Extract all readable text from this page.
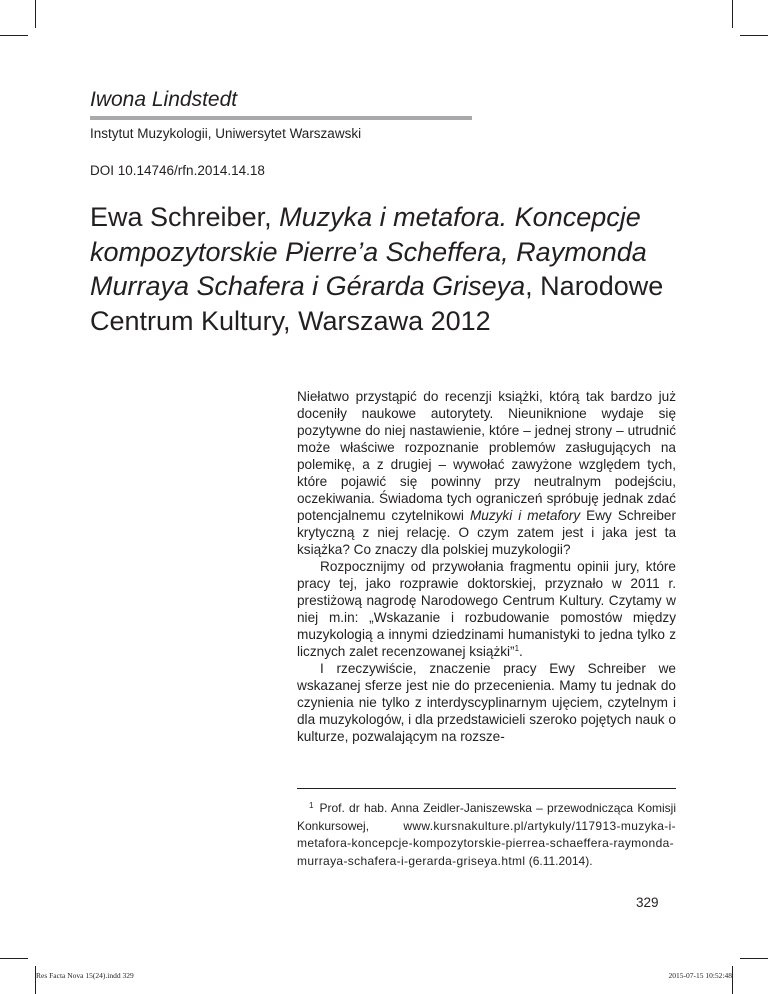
Iwona Lindstedt
Instytut Muzykologii, Uniwersytet Warszawski
DOI 10.14746/rfn.2014.14.18
Ewa Schreiber, Muzyka i metafora. Koncepcje kompozytorskie Pierre’a Scheffera, Raymonda Murraya Schafera i Gérarda Griseya, Narodowe Centrum Kultury, Warszawa 2012

Niełatwo przystąpić do recenzji książki, którą tak bardzo już doceniły naukowe autorytety. Nieuniknione wydaje się pozytywne do niej nastawienie, które – jednej strony – utrudnić może właściwe rozpoznanie problemów zasługujących na polemikę, a z drugiej – wywołać zawyżone względem tych, które pojawić się powinny przy neutralnym podejściu, oczekiwania. Świadoma tych ograniczeń spróbuję jednak zdać potencjalnemu czytelnikowi Muzyki i metafory Ewy Schreiber krytyczną z niej relację. O czym zatem jest i jaka jest ta książka? Co znaczy dla polskiej muzykologii?

Rozpocznijmy od przywołania fragmentu opinii jury, które pracy tej, jako rozprawie doktorskiej, przyznało w 2011 r. prestiżową nagrodę Narodowego Centrum Kultury. Czytamy w niej m.in: „Wskazanie i rozbudowanie pomostów między muzykologią a innymi dziedzinami humanistyki to jedna tylko z licznych zalet recenzowanej książki”$^1$.

I rzeczywiście, znaczenie pracy Ewy Schreiber we wskazanej sferze jest nie do przecenienia. Mamy tu jednak do czynienia nie tylko z interdyscyplinarnym ujęciem, czytelnym i dla muzykologów, i dla przedstawicieli szeroko pojętych nauk o kulturze, pozwalającym na rozsze-

$^1$ Prof. dr hab. Anna Zeidler-Janiszewska – przewodnicząca Komisji Konkursowej, www.kursnakulture.pl/artykuly/117913-muzyka-i-metafora-koncepcje-kompozytorskie-pierrea-schaeffera-raymonda-murraya-schafera-i-gerarda-griseya.html (6.11.2014).
329
Res Facta Nova 15(24).indd 329	2015-07-15 10:52:48
